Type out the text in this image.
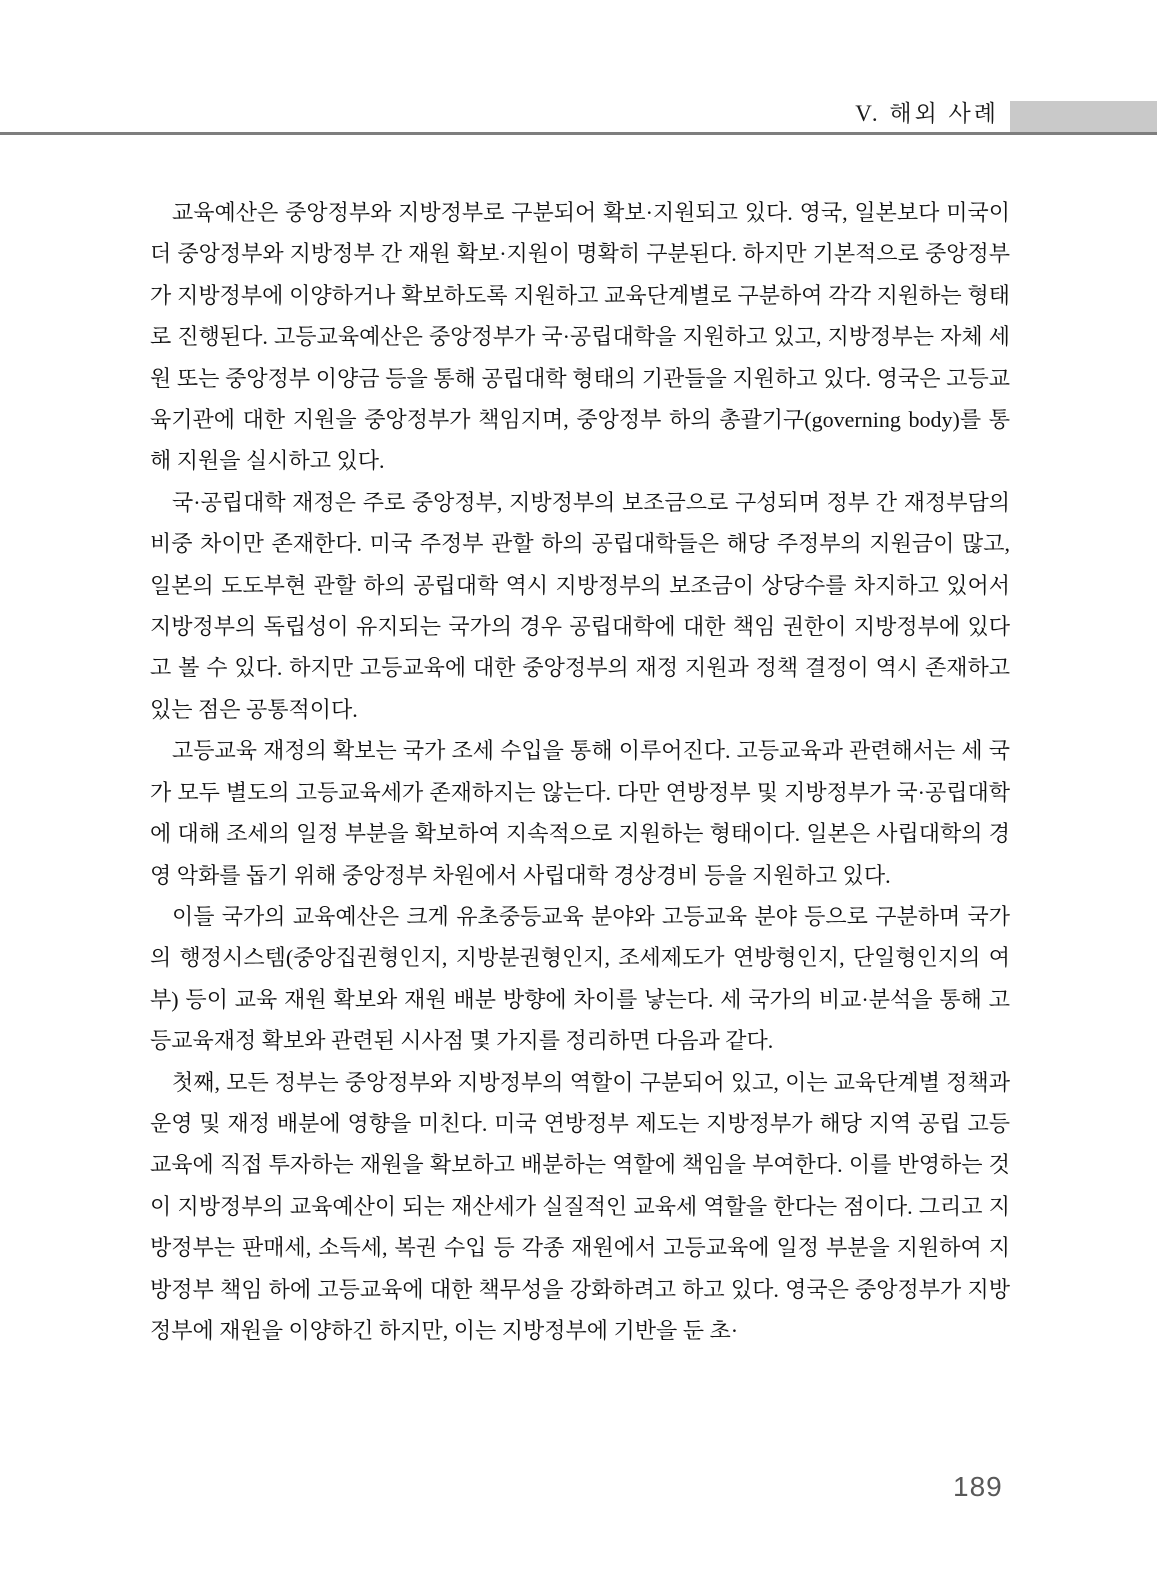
V. 해외 사례

교육예산은 중앙정부와 지방정부로 구분되어 확보·지원되고 있다. 영국, 일본보다 미국이 더 중앙정부와 지방정부 간 재원 확보·지원이 명확히 구분된다. 하지만 기본적으로 중앙정부가 지방정부에 이양하거나 확보하도록 지원하고 교육단계별로 구분하여 각각 지원하는 형태로 진행된다. 고등교육예산은 중앙정부가 국·공립대학을 지원하고 있고, 지방정부는 자체 세원 또는 중앙정부 이양금 등을 통해 공립대학 형태의 기관들을 지원하고 있다. 영국은 고등교육기관에 대한 지원을 중앙정부가 책임지며, 중앙정부 하의 총괄기구(governing body)를 통해 지원을 실시하고 있다.

국·공립대학 재정은 주로 중앙정부, 지방정부의 보조금으로 구성되며 정부 간 재정부담의 비중 차이만 존재한다. 미국 주정부 관할 하의 공립대학들은 해당 주정부의 지원금이 많고, 일본의 도도부현 관할 하의 공립대학 역시 지방정부의 보조금이 상당수를 차지하고 있어서 지방정부의 독립성이 유지되는 국가의 경우 공립대학에 대한 책임 권한이 지방정부에 있다고 볼 수 있다. 하지만 고등교육에 대한 중앙정부의 재정 지원과 정책 결정이 역시 존재하고 있는 점은 공통적이다.

고등교육 재정의 확보는 국가 조세 수입을 통해 이루어진다. 고등교육과 관련해서는 세 국가 모두 별도의 고등교육세가 존재하지는 않는다. 다만 연방정부 및 지방정부가 국·공립대학에 대해 조세의 일정 부분을 확보하여 지속적으로 지원하는 형태이다. 일본은 사립대학의 경영 악화를 돕기 위해 중앙정부 차원에서 사립대학 경상경비 등을 지원하고 있다.

이들 국가의 교육예산은 크게 유초중등교육 분야와 고등교육 분야 등으로 구분하며 국가의 행정시스템(중앙집권형인지, 지방분권형인지, 조세제도가 연방형인지, 단일형인지의 여부) 등이 교육 재원 확보와 재원 배분 방향에 차이를 낳는다. 세 국가의 비교·분석을 통해 고등교육재정 확보와 관련된 시사점 몇 가지를 정리하면 다음과 같다.

첫째, 모든 정부는 중앙정부와 지방정부의 역할이 구분되어 있고, 이는 교육단계별 정책과 운영 및 재정 배분에 영향을 미친다. 미국 연방정부 제도는 지방정부가 해당 지역 공립 고등교육에 직접 투자하는 재원을 확보하고 배분하는 역할에 책임을 부여한다. 이를 반영하는 것이 지방정부의 교육예산이 되는 재산세가 실질적인 교육세 역할을 한다는 점이다. 그리고 지방정부는 판매세, 소득세, 복권 수입 등 각종 재원에서 고등교육에 일정 부분을 지원하여 지방정부 책임 하에 고등교육에 대한 책무성을 강화하려고 하고 있다. 영국은 중앙정부가 지방정부에 재원을 이양하긴 하지만, 이는 지방정부에 기반을 둔 초·

189
